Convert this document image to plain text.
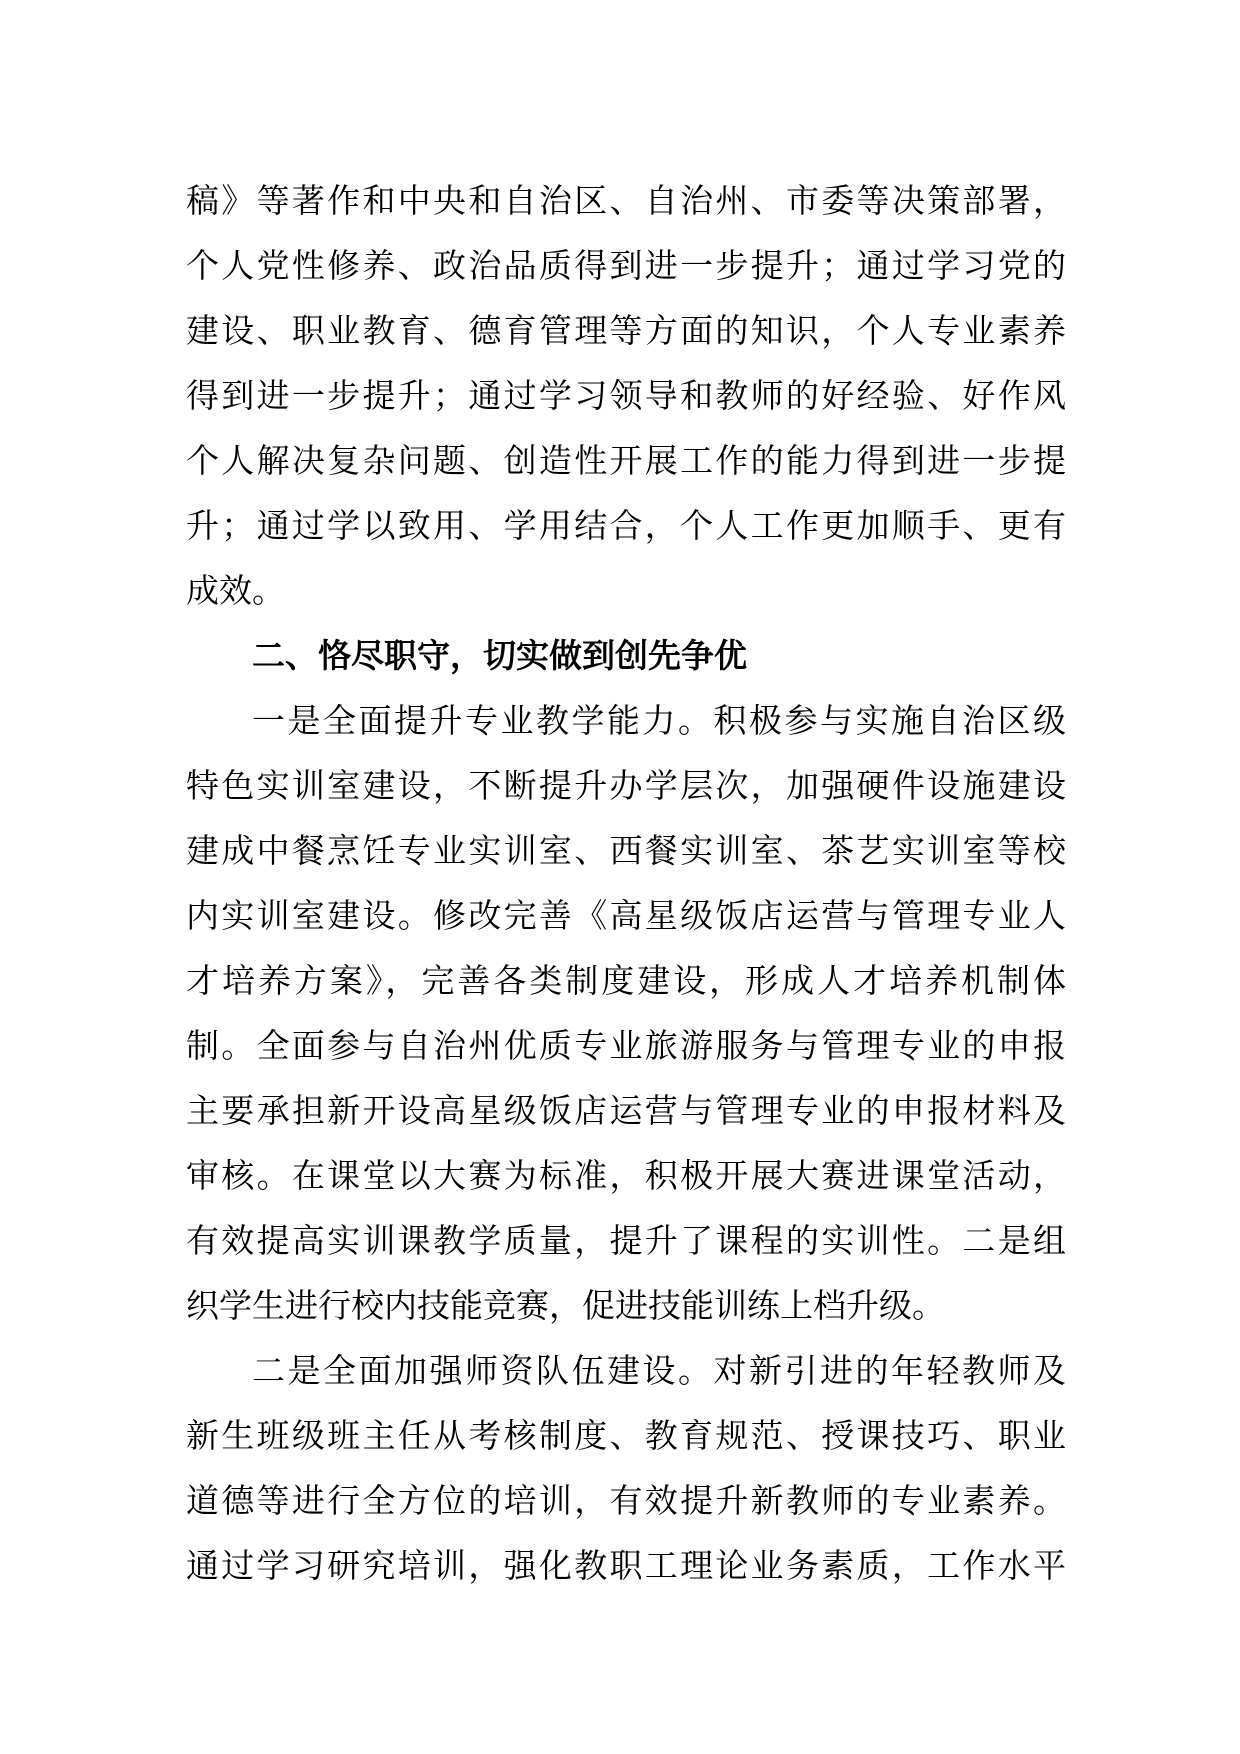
稿》等著作和中央和自治区、自治州、市委等决策部署，
个人党性修养、政治品质得到进一步提升；通过学习党的
建设、职业教育、德育管理等方面的知识，个人专业素养
得到进一步提升；通过学习领导和教师的好经验、好作风
个人解决复杂问题、创造性开展工作的能力得到进一步提
升；通过学以致用、学用结合，个人工作更加顺手、更有
成效。
二、恪尽职守，切实做到创先争优
一是全面提升专业教学能力。积极参与实施自治区级
特色实训室建设，不断提升办学层次，加强硬件设施建设
建成中餐烹饪专业实训室、西餐实训室、茶艺实训室等校
内实训室建设。修改完善《高星级饭店运营与管理专业人
才培养方案》，完善各类制度建设，形成人才培养机制体
制。全面参与自治州优质专业旅游服务与管理专业的申报
主要承担新开设高星级饭店运营与管理专业的申报材料及
审核。在课堂以大赛为标准，积极开展大赛进课堂活动，
有效提高实训课教学质量，提升了课程的实训性。二是组
织学生进行校内技能竞赛，促进技能训练上档升级。
二是全面加强师资队伍建设。对新引进的年轻教师及
新生班级班主任从考核制度、教育规范、授课技巧、职业
道德等进行全方位的培训，有效提升新教师的专业素养。
通过学习研究培训，强化教职工理论业务素质，工作水平
